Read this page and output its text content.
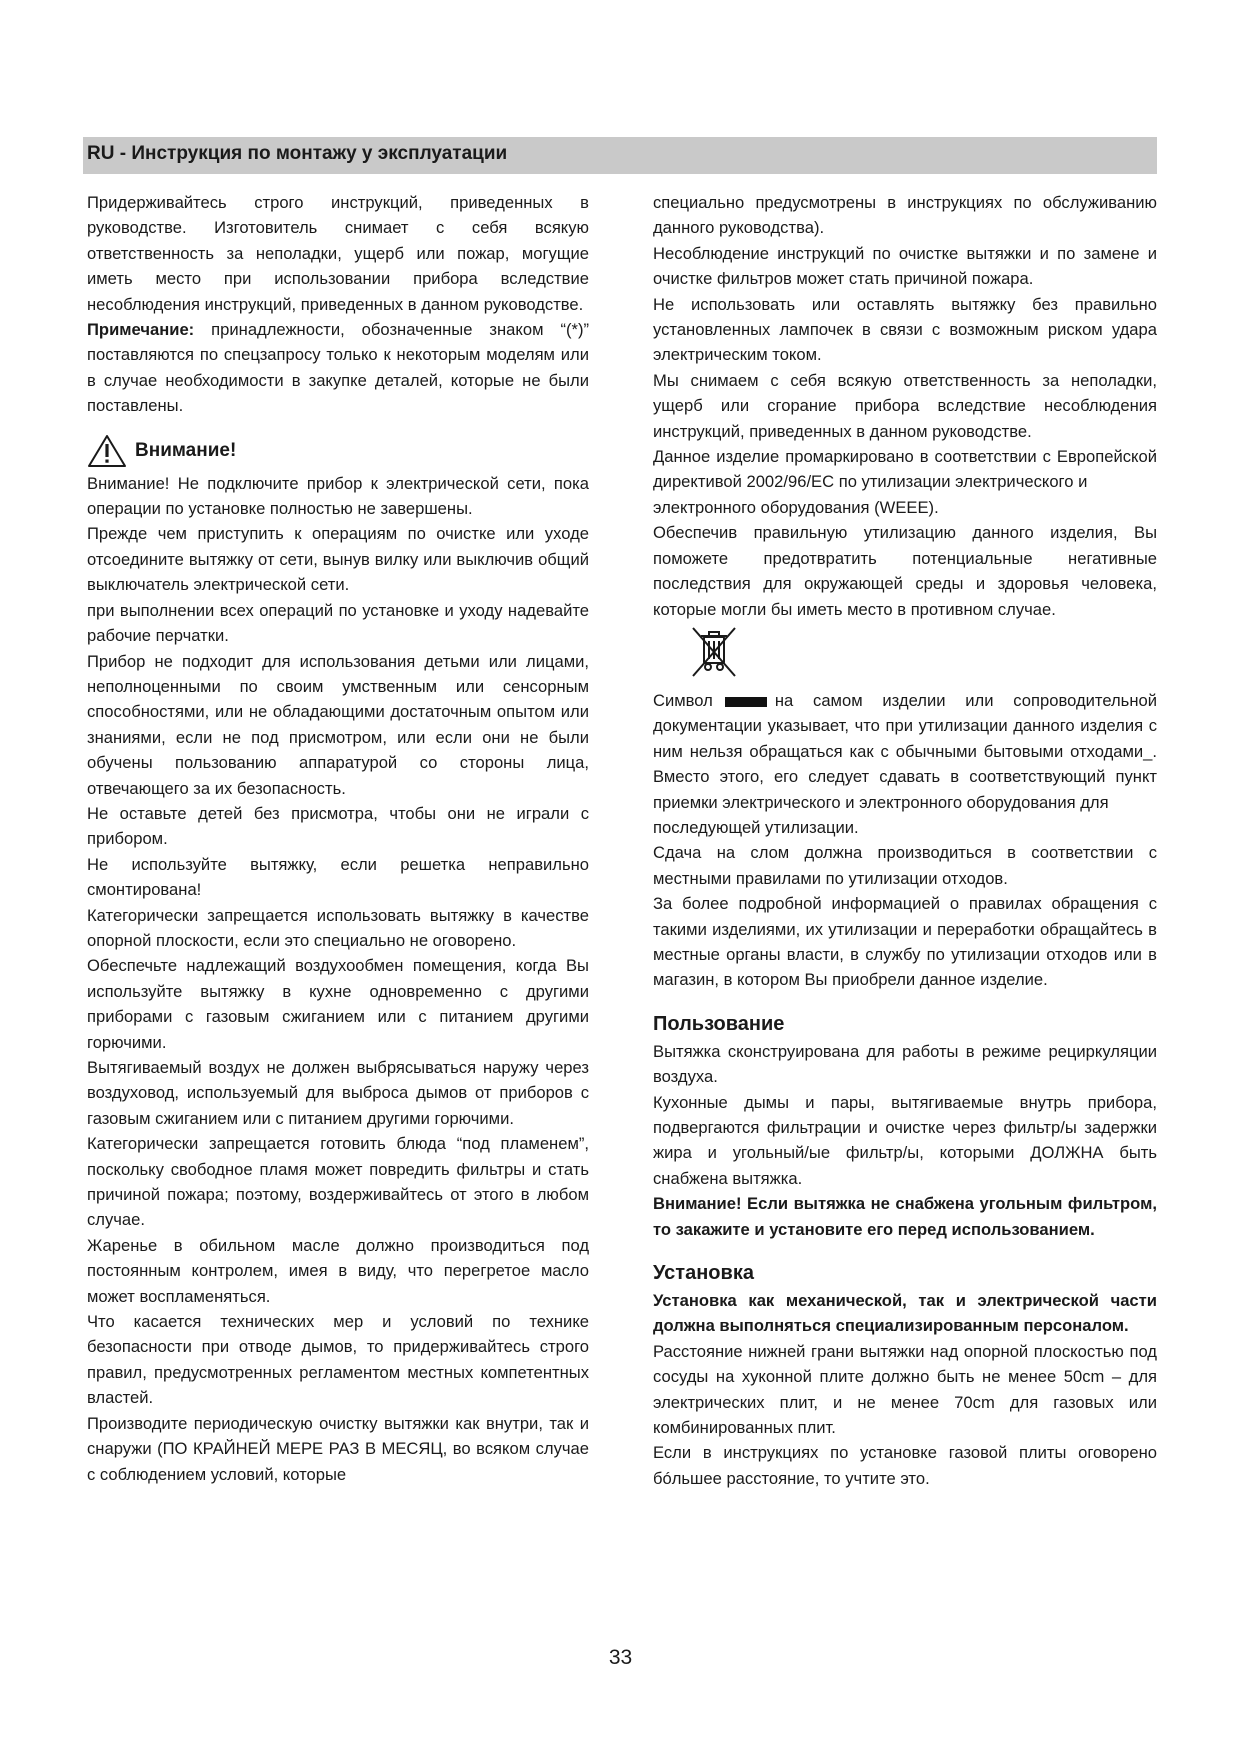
RU - Инструкция по монтажу у эксплуатации

Придерживайтесь строго инструкций, приведенных в руководстве. Изготовитель снимает с себя всякую ответственность за неполадки, ущерб или пожар, могущие иметь место при использовании прибора вследствие несоблюдения инструкций, приведенных в данном руководстве.

Примечание: принадлежности, обозначенные знаком “(*)” поставляются по спецзапросу только к некоторым моделям или в случае необходимости в закупке деталей, которые не были поставлены.

Внимание!

Внимание! Не подключите прибор к электрической сети, пока операции по установке полностью не завершены.

Прежде чем приступить к операциям по очистке или уходе отсоедините вытяжку от сети, вынув вилку или выключив общий выключатель электрической сети.

при выполнении всех операций по установке и уходу надевайте рабочие перчатки.

Прибор не подходит для использования детьми или лицами, неполноценными по своим умственным или сенсорным способностями, или не обладающими достаточным опытом или знаниями, если не под присмотром, или если они не были обучены пользованию аппаратурой со стороны лица, отвечающего за их безопасность.

Не оставьте детей без присмотра, чтобы они не играли с прибором.

Не используйте вытяжку, если решетка неправильно смонтирована!

Категорически запрещается использовать вытяжку в качестве опорной плоскости, если это специально не оговорено.

Обеспечьте надлежащий воздухообмен помещения, когда Вы используйте вытяжку в кухне одновременно с другими приборами с газовым сжиганием или с питанием другими горючими.

Вытягиваемый воздух не должен выбрясываться наружу через воздуховод, используемый для выброса дымов от приборов с газовым сжиганием или с питанием другими горючими.

Категорически запрещается готовить блюда “под пламенем”, поскольку свободное пламя может повредить фильтры и стать причиной пожара; поэтому, воздерживайтесь от этого в любом случае.

Жаренье в обильном масле должно производиться под постоянным контролем, имея в виду, что перегретое масло может воспламеняться.

Что касается технических мер и условий по технике безопасности при отводе дымов, то придерживайтесь строго правил, предусмотренных регламентом местных компетентных властей.

Производите периодическую очистку вытяжки как внутри, так и снаружи (ПО КРАЙНЕЙ МЕРЕ РАЗ В МЕСЯЦ, во всяком случае с соблюдением условий, которые

специально предусмотрены в инструкциях по обслуживанию данного руководства).

Несоблюдение инструкций по очистке вытяжки и по замене и очистке фильтров может стать причиной пожара.

Не использовать или оставлять вытяжку без правильно установленных лампочек в связи с возможным риском удара электрическим током.

Мы снимаем с себя всякую ответственность за неполадки, ущерб или сгорание прибора вследствие несоблюдения инструкций, приведенных в данном руководстве.

Данное изделие промаркировано в соответствии с Европейской директивой 2002/96/EC по утилизации электрического и

электронного оборудования (WEEE).

Обеспечив правильную утилизацию данного изделия, Вы поможете предотвратить потенциальные негативные последствия для окружающей среды и здоровья человека, которые могли бы иметь место в противном случае.

Символ	на самом изделии или сопроводительной документации указывает, что при утилизации данного изделия с ним нельзя обращаться как с обычными бытовыми отходами_. Вместо этого, его следует сдавать в соответствующий пункт приемки электрического и электронного оборудования для

последующей утилизации.

Сдача на слом должна производиться в соответствии с местными правилами по утилизации отходов.

За более подробной информацией о правилах обращения с такими изделиями, их утилизации и переработки обращайтесь в местные органы власти, в службу по утилизации отходов или в магазин, в котором Вы приобрели данное изделие.

Пользование

Вытяжка сконструирована для работы в режиме рециркуляции воздуха.

Кухонные дымы и пары, вытягиваемые внутрь прибора, подвергаются фильтрации и очистке через фильтр/ы задержки жира и угольный/ые фильтр/ы, которыми ДОЛЖНА быть снабжена вытяжка.

Внимание! Если вытяжка не снабжена угольным фильтром, то закажите и установите его перед использованием.

Установка

Установка как механической, так и электрической части должна выполняться специализированным персоналом.

Расстояние нижней грани вытяжки над опорной плоскостью под сосуды на хуконной плите должно быть не менее 50cm – для электрических плит, и не менее 70cm для газовых или комбинированных плит.

Если в инструкциях по установке газовой плиты оговорено бóльшее расстояние, то учтите это.

33
